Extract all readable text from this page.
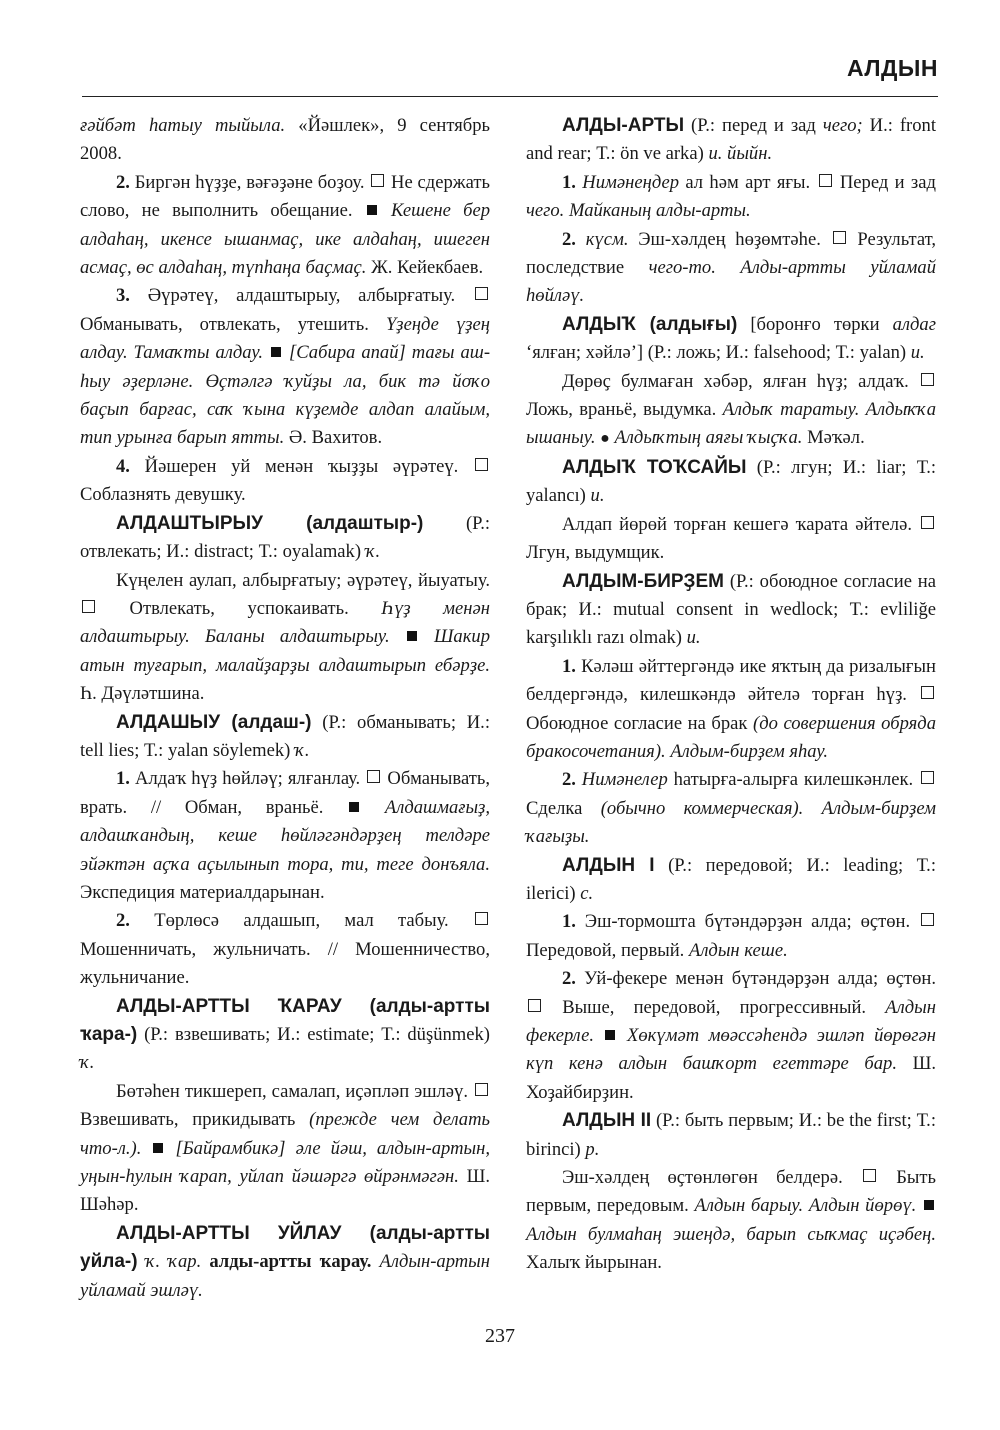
АЛДЫН

ғәйбәт һатыу тыйыла. «Йәшлек», 9 сентябрь 2008.

2. Биргән һүҙҙе, вәғәҙәне боҙоу.  Не сдержать слово, не выполнить обещание.  Кешене бер алдаһаң, икенсе ышанмаҫ, ике алдаһаң, ишеген асмаҫ, өс алдаһаң, түпһаңа баҫмаҫ. Ж. Кейекбаев.

3. Әүрәтеү, алдаштырыу, албырғатыу.  Обманывать, отвлекать, утешить. Үҙеңде үҙең алдау. Тамаҡты алдау.  [Сабира апай] тағы аш-һыу әҙерләне. Өҫтәлгә ҡуйҙы ла, бик тә йоҡо баҫып барғас, саҡ ҡына күҙемде алдап алайым, тип урынға барып ятты. Ә. Вахитов.

4. Йәшерен уй менән ҡыҙҙы әүрәтеү.  Соблазнять девушку.

АЛДАШТЫРЫУ (алдаштыр-) (Р.: отвлекать; И.: distract; Т.: oyalamak) ҡ.

Күңелен аулап, албырғатыу; әүрәтеү, йыуатыу.  Отвлекать, успокаивать. Һүҙ менән алдаштырыу. Баланы алдаштырыу.  Шакир атын туғарып, малайҙарҙы алдаштырып ебәрҙе. Һ. Дәүләтшина.

АЛДАШЫУ (алдаш-) (Р.: обманывать; И.: tell lies; Т.: yalan söylemek) ҡ.

1. Алдаҡ һүҙ һөйләү; ялғанлау.  Обманывать, врать. // Обман, враньё.  Алдашмағыҙ, алдашҡандың, кеше һөйләгәндәрҙең телдәре эйәктән аҫҡа аҫылынып тора, ти, теге донъяла. Экспедиция материалдарынан.

2. Төрлөсә алдашып, мал табыу.  Мошенничать, жульничать. // Мошенничество, жульничание.

АЛДЫ-АРТТЫ ҠАРАУ (алды-артты ҡара-) (Р.: взвешивать; И.: estimate; Т.: düşünmek) ҡ.

Бөтәһен тикшереп, самалап, иҫәпләп эшләү.  Взвешивать, прикидывать (прежде чем делать что-л.).  [Байрамбикә] әле йәш, алдын-артын, уңын-һулын ҡарап, уйлап йәшәргә өйрәнмәгән. Ш. Шәһәр.

АЛДЫ-АРТТЫ УЙЛАУ (алды-артты уйла-) ҡ. ҡар. алды-артты ҡарау. Алдын-артын уйламай эшләү.

АЛДЫ-АРТЫ (Р.: перед и зад чего; И.: front and rear; Т.: ön ve arka) и. йыйн.

1. Нимәнеңдер ал һәм арт яғы.  Перед и зад чего. Майканың алды-арты.

2. күсм. Эш-хәлдең һөҙөмтәһе.  Результат, последствие чего-то. Алды-артты уйламай һөйләү.

АЛДЫҠ (алдығы) [боронғо төрки алдаг ‘ялған; хәйлә’] (Р.: ложь; И.: falsehood; Т.: yalan) и.

Дөрөҫ булмаған хәбәр, ялған һүҙ; алдаҡ.  Ложь, враньё, выдумка. Алдыҡ таратыу. Алдыҡҡа ышаныу. ● Алдыҡтың аяғы ҡыҫҡа. Мәҡәл.

АЛДЫҠ ТОҠСАЙЫ (Р.: лгун; И.: liar; Т.: yalancı) и.

Алдап йөрөй торған кешегә ҡарата әйтелә.  Лгун, выдумщик.

АЛДЫМ-БИРҘЕМ (Р.: обоюдное согласие на брак; И.: mutual consent in wedlock; Т.: evliliğe karşılıklı razı olmak) и.

1. Кәләш әйттергәндә ике яҡтың да ризалығын белдергәндә, килешкәндә әйтелә торған һүҙ.  Обоюдное согласие на брак (до совершения обряда бракосочетания). Алдым-бирҙем яһау.

2. Нимәнелер һатырға-алырға килешкәнлек.  Сделка (обычно коммерческая). Алдым-бирҙем ҡағыҙы.

АЛДЫН I (Р.: передовой; И.: leading; Т.: ilerici) с.

1. Эш-тормошта бүтәндәрҙән алда; өҫтөн.  Передовой, первый. Алдын кеше.

2. Уй-фекере менән бүтәндәрҙән алда; өҫтөн.  Выше, передовой, прогрессивный. Алдын фекерле.  Хөкүмәт мөәссәһендә эшләп йөрөгән күп кенә алдын башҡорт егеттәре бар. Ш. Хоҙайбирҙин.

АЛДЫН II (Р.: быть первым; И.: be the first; Т.: birinci) р.

Эш-хәлдең өҫтөнлөгөн белдерә.  Быть первым, передовым. Алдын барыу. Алдын йөрөү.  Алдын булмаһаң эшеңдә, барып сыҡмаҫ иҫәбең. Халыҡ йырынан.

237
